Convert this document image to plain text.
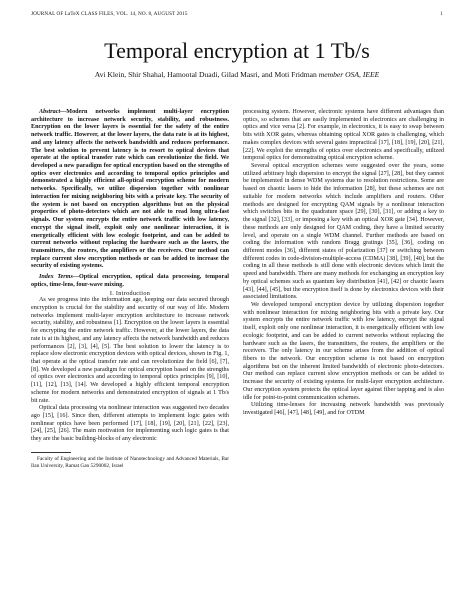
JOURNAL OF LaTeX CLASS FILES, VOL. 14, NO. 8, AUGUST 2015	1
Temporal encryption at 1 Tb/s
Avi Klein, Shir Shahal, Hamootal Duadi, Gilad Masri, and Moti Fridman member OSA, IEEE

Abstract—Modern networks implement multi-layer encryption architecture to increase network security, stability, and robustness. Encryption on the lower layers is essential for the safety of the entire network traffic. However, at the lower layers, the data rate is at its highest, and any latency affects the network bandwidth and reduces performance. The best solution to prevent latency is to resort to optical devices that operate at the optical transfer rate which can revolutionize the field. We developed a new paradigm for optical encryption based on the strengths of optics over electronics and according to temporal optics principles and demonstrated a highly efficient all-optical encryption scheme for modern networks. Specifically, we utilize dispersion together with nonlinear interaction for mixing neighboring bits with a private key. The security of the system is not based on encryption algorithms but on the physical properties of photo-detectors which are not able to read long ultra-fast signals. Our system encrypts the entire network traffic with low latency, encrypt the signal itself, exploit only one nonlinear interaction, it is energetically efficient with low ecologic footprint, and can be added to current networks without replacing the hardware such as the lasers, the transmitters, the routers, the amplifiers or the receivers. Our method can replace current slow encryption methods or can be added to increase the security of existing systems.

Index Terms—Optical encryption, optical data processing, temporal optics, time-lens, four-wave mixing.

I. Introduction

As we progress into the information age, keeping our data secured through encryption is crucial for the stability and security of our way of life. Modern networks implement multi-layer encryption architecture to increase network security, stability, and robustness [1]. Encryption on the lower layers is essential for encrypting the entire network traffic. However, at the lower layers, the data rate is at its highest, and any latency affects the network bandwidth and reduces performances [2], [3], [4], [5]. The best solution to lower the latency is to replace slow electronic encryption devices with optical devices, shown in Fig. 1, that operate at the optical transfer rate and can revolutionize the field [6], [7], [8]. We developed a new paradigm for optical encryption based on the strengths of optics over electronics and according to temporal optics principles [9], [10], [11], [12], [13], [14]. We developed a highly efficient temporal encryption scheme for modern networks and demonstrated encryption of signals at 1 Tb/s bit rate.

Optical data processing via nonlinear interaction was suggested two decades ago [15], [16]. Since then, different attempts to implement logic gates with nonlinear optics have been performed [17], [18], [19], [20], [21], [22], [23], [24], [25], [26]. The main motivation for implementing such logic gates is that they are the basic building-blocks of any electronic

Faculty of Engineering and the Institute of Nanotechnology and Advanced Materials, Bar Ilan University, Ramat Gan 5290002, Israel

processing system. However, electronic systems have different advantages than optics, so schemes that are easily implemented in electronics are challenging in optics and vice versa [2]. For example, in electronics, it is easy to swap between bits with XOR gates, whereas obtaining optical XOR gates is challenging, which makes complex devices with several gates impractical [17], [18], [19], [20], [21], [22]. We exploit the strengths of optics over electronics and specifically, utilized temporal optics for demonstrating optical encryption scheme.

Several optical encryption schemes were suggested over the years, some utilized arbitrary high dispersion to encrypt the signal [27], [28], but they cannot be implemented in dense WDM systems due to resolution restrictions. Some are based on chaotic lasers to hide the information [28], but these schemes are not suitable for modern networks which include amplifiers and routers. Other methods are designed for encrypting QAM signals by a nonlinear interaction which switches bits in the quadrature space [29], [30], [31], or adding a key to the signal [32], [33], or imposing a key with an optical XOR gate [34]. However, these methods are only designed for QAM coding, they have a limited security level, and operate on a single WDM channel. Further methods are based on coding the information with random Bragg gratings [35], [36], coding on different modes [36], different states of polarization [37] or switching between different codes in code-division-multiple-access (CDMA) [38], [39], [40], but the coding in all these methods is still done with electronic devices which limit the speed and bandwidth. There are many methods for exchanging an encryption key by optical schemes such as quantum key distribution [41], [42] or chaotic lasers [43], [44], [45], but the encryption itself is done by electronics devices with their associated limitations.

We developed temporal encryption device by utilizing dispersion together with nonlinear interaction for mixing neighboring bits with a private key. Our system encrypts the entire network traffic with low latency, encrypt the signal itself, exploit only one nonlinear interaction, it is energetically efficient with low ecologic footprint, and can be added to current networks without replacing the hardware such as the lasers, the transmitters, the routers, the amplifiers or the receivers. The only latency in our scheme arises from the addition of optical fibers to the network. Our encryption scheme is not based on encryption algorithms but on the inherent limited bandwidth of electronic photo-detectors. Our method can replace current slow encryption methods or can be added to increase the security of existing systems for multi-layer encryption architecture. Our encryption system protects the optical layer against fiber tapping and is also idle for point-to-point communication schemes.

Utilizing time-lenses for increasing network bandwidth was previously investigated [46], [47], [48], [49], and for OTDM
